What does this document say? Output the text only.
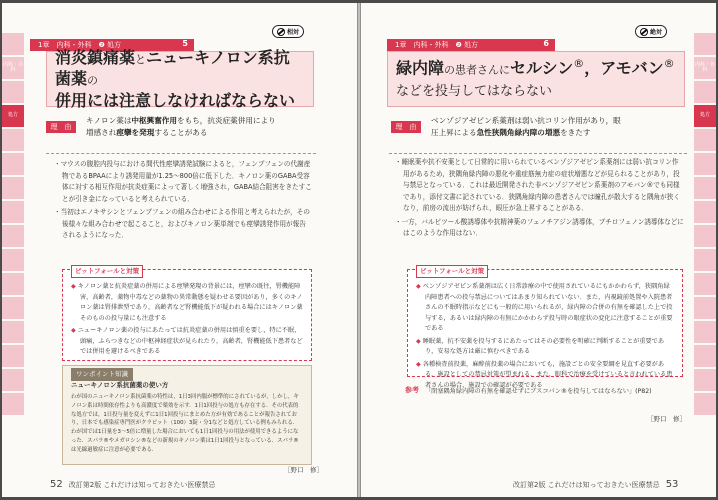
内科・外科
処方
相対
1章　内科・外科　❷ 処方	5
消炎鎮痛薬とニューキノロン系抗菌薬の
併用には注意しなければならない
理　由
キノロン薬は中枢興奮作用をもち，抗炎症薬併用により
増感され痙攣を発現することがある

・マウスの腹腔内投与における間代性痙攣誘発試験によると，フェンブフェンの代謝産物であるBPAAにより誘発用量が1.25〜800倍に低下した．キノロン薬のGABA受容体に対する相互作用が抗炎症薬によって著しく増強され，GABA結合阻害をきたすことが引き金になっていると考えられている．

・当初はエノキサシンとフェンブフェンの組み合わせによる作用と考えられたが，その後様々な組み合わせで起こること，およびキノロン薬単剤でも痙攣誘発作用が報告されるようになった．

ピットフォールと対策

◆ キノロン薬と抗炎症薬の併用による痙攣発現の背景には，痙攣の既往，腎機能障害，高齢者，薬物中毒などの薬物の異常動態を疑わせる要因があり，多くのキノロン薬は腎排泄型であり，高齢者など腎機能低下が疑われる場合にはキノロン薬そのものの投与量にも注意する

◆ ニューキノロン薬の投与にあたっては抗炎症薬の併用は慎重を要し，特に不眠，頭痛，ふらつきなどの中枢神経症状が見られたり，高齢者，腎機能低下患者などでは併用を避けるべきである

ワンポイント知識
ニューキノロン系抗菌薬の使い方
わが国のニューキノロン系抗菌薬の特性は，1日3回内服が標準的にされているが，しかし，キノロン系は時間依存性よりも高濃度で薬効を示す．1日1回投与の処方も存在する．その代表的な処方では，1日投与量を変えずに1日1回投与にまとめた方が有効であることが報告されており，日本でも感染症専門医がクラビット（100）3錠・分1などと処方している例もみられる．わが国では1日量を3〜5倍に増量した場合においても1日1回投与の用法が使用できるようになった．スパラ®やメガロシン®などの新規のキノロン薬は1日1回投与となっている．スパラ®は光線過敏症に注意が必要である．
［野口　修］
52 改訂第2版 これだけは知っておきたい医療禁忌
内科・外科
処方
絶対
1章　内科・外科　❷ 処方	6
緑内障の患者さんにセルシン®，アモバン®
などを投与してはならない
理　由
ベンゾジアゼピン系薬剤は弱い抗コリン作用があり，眼
圧上昇による急性狭隅角緑内障の増悪をきたす

・睡眠薬や抗不安薬として日常的に用いられているベンゾジアゼピン系薬剤には弱い抗コリン作用があるため，狭隅角緑内障の悪化や重症筋無力症の症状増悪などが見られることがあり，投与禁忌となっている．これは最近開発された非ベンゾジアゼピン系薬剤のアモバン®でも同様であり，添付文書に記されている．狭隅角緑内障の患者さんでは瞳孔が散大すると隅角が狭くなり，前房の流出が妨げられ，眼圧が急上昇することがある．

・一方，バルビツール酸誘導体や抗精神薬のフェノチアジン誘導体，ブチロフェノン誘導体などにはこのような作用はない．

ピットフォールと対策

◆ ベンゾジアゼピン系薬剤は広く日常診療の中で使用されているにもかかわらず，狭隅角緑内障患者への投与禁忌についてはあまり知られていない．また，内視鏡前処置や入院患者さんの不眠時指示などにも一般的に用いられるが，緑内障の合併の有無を確認した上で投与する，あるいは緑内障の有無にかかわらず投与時の眼症状の変化に注意することが重要である

◆ 睡眠薬，抗不安薬を投与するにあたってはその必要性を明確に判断することが重要であり，安易な処方は厳に慎むべきである

◆ 各種検査前投薬，麻酔前投薬の場合においても，施設ごとの安全要綱を見直す必要がある．施設としての禁忌対策が望まれる．また，眼科で治療を受けていると言われている患者さんの場合，施設での確認が必要である

参考 「閉塞隅角緑内障の有無を確認せずにブスコパン®を投与してはならない」(P82)
［野口　修］
改訂第2版 これだけは知っておきたい医療禁忌 53
